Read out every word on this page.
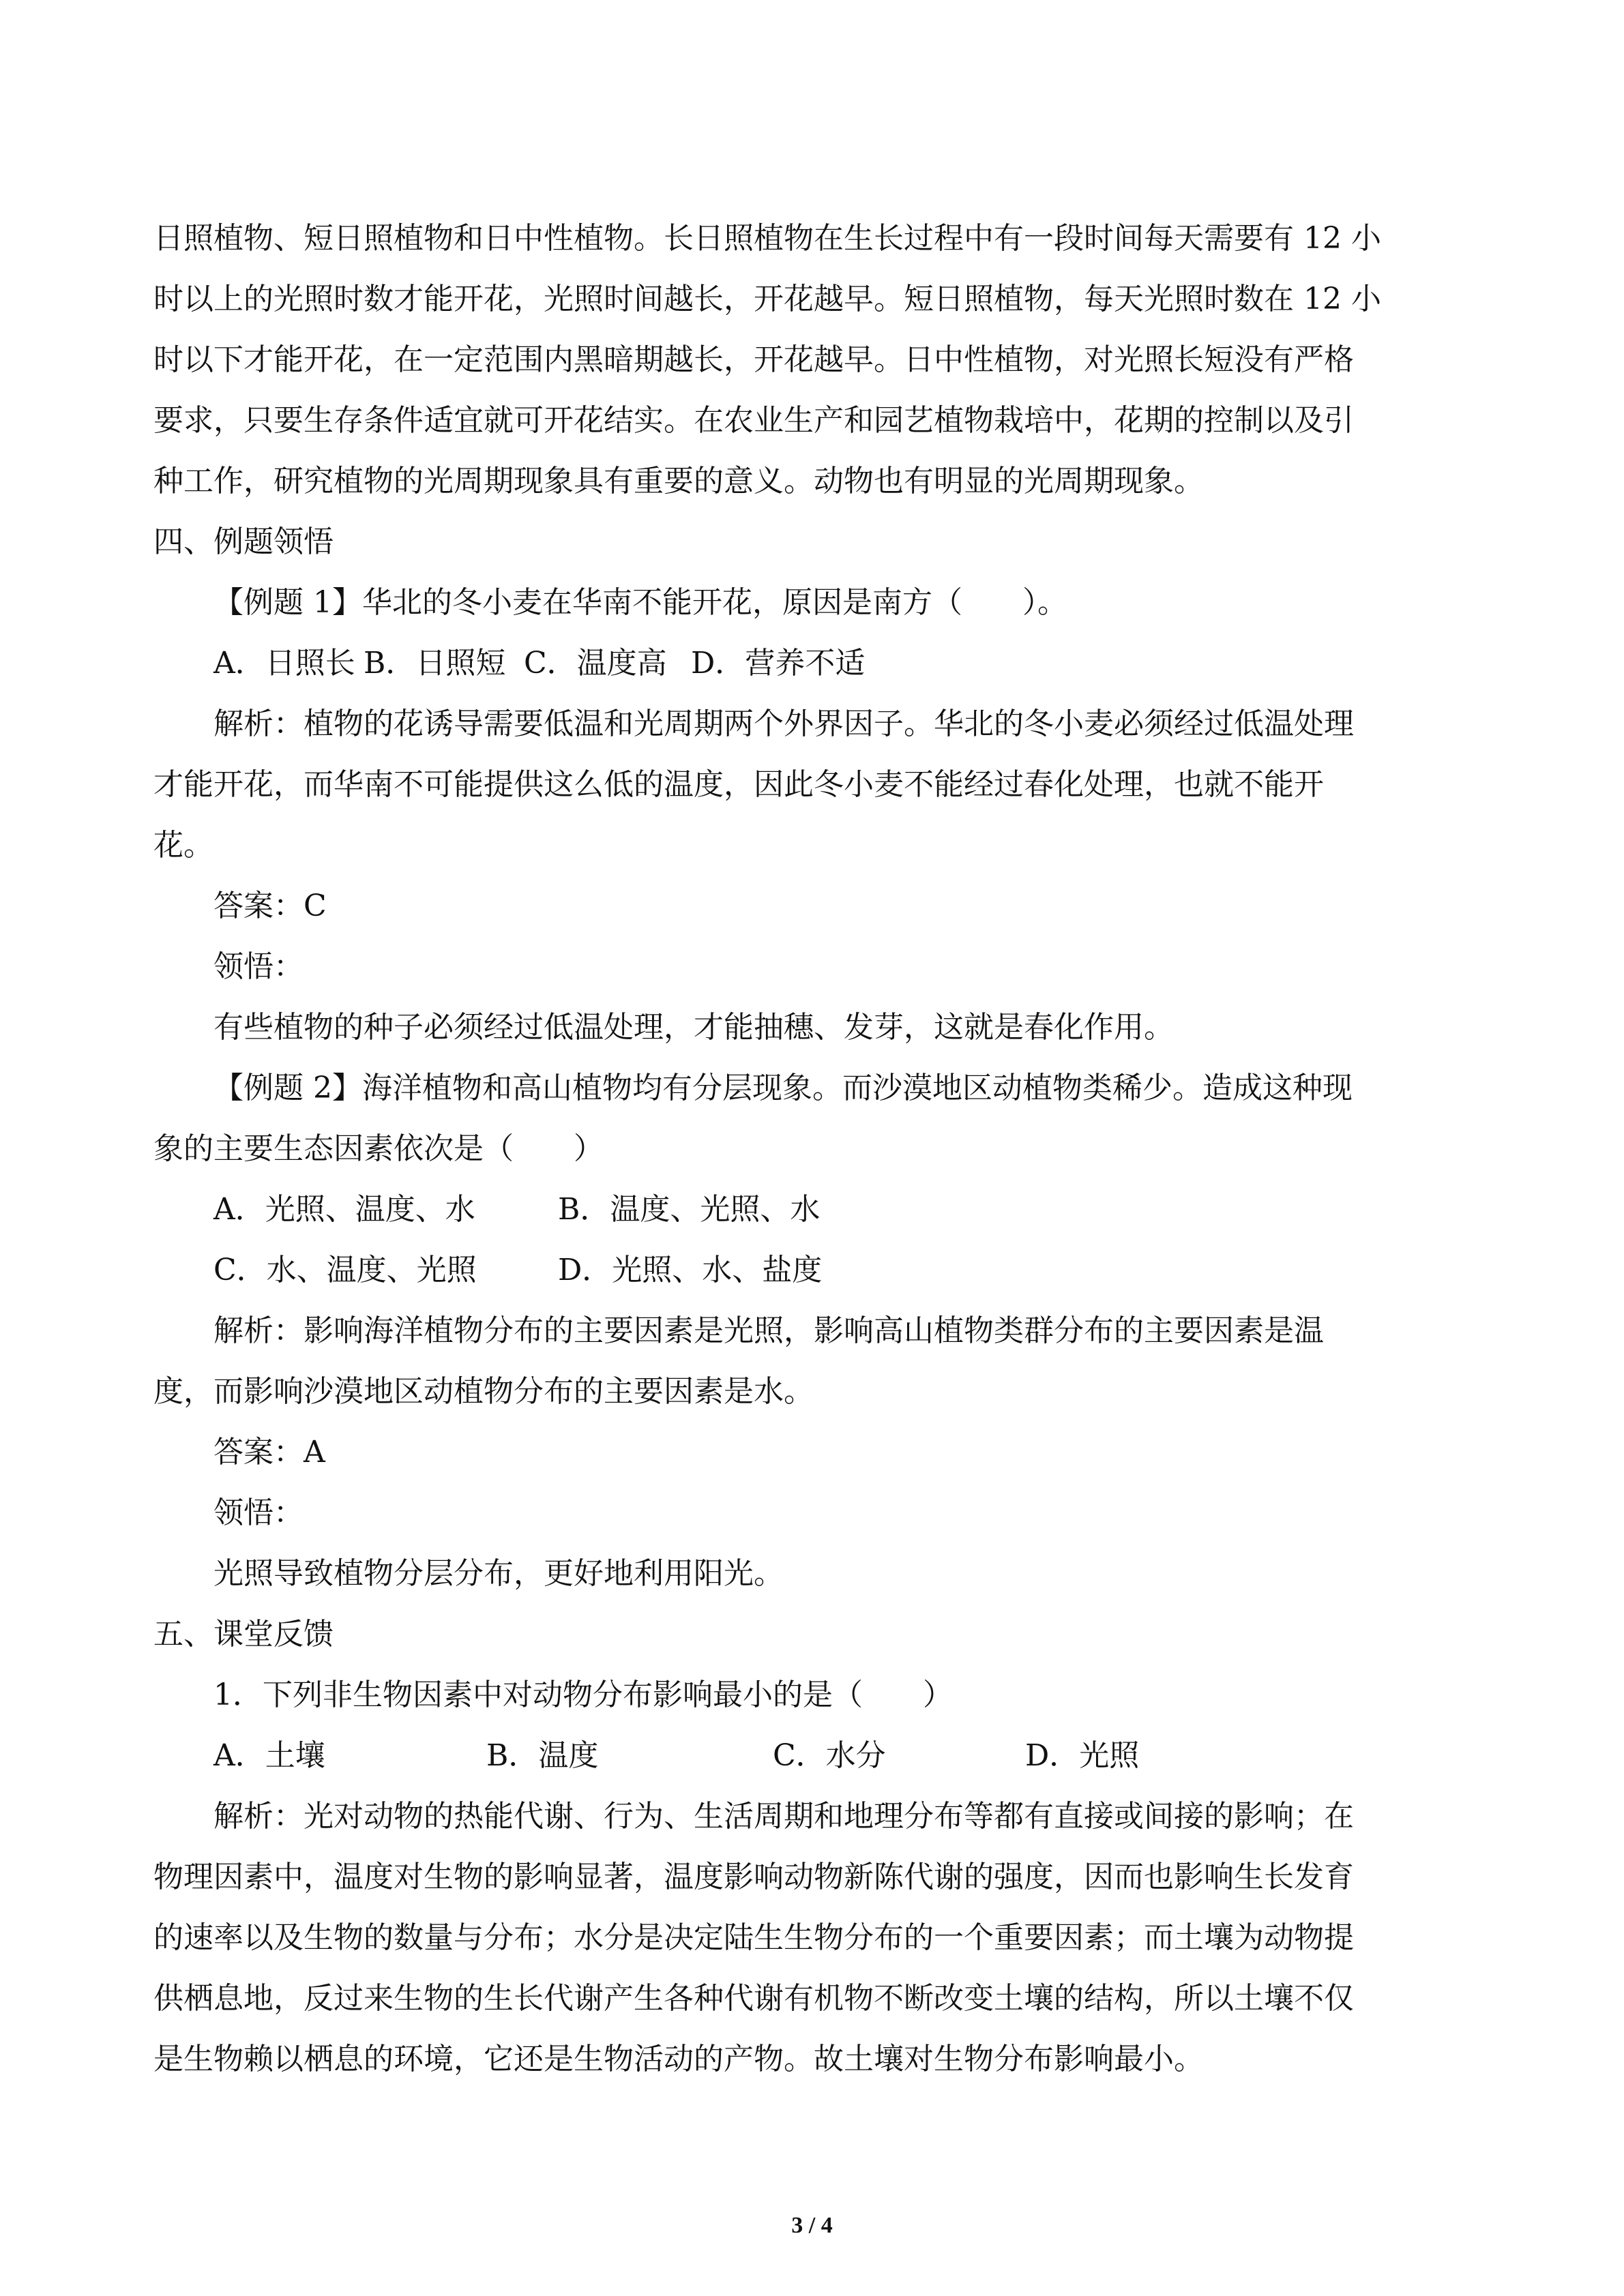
日照植物、短日照植物和日中性植物。长日照植物在生长过程中有一段时间每天需要有 12 小

时以上的光照时数才能开花，光照时间越长，开花越早。短日照植物，每天光照时数在 12 小

时以下才能开花，在一定范围内黑暗期越长，开花越早。日中性植物，对光照长短没有严格

要求，只要生存条件适宜就可开花结实。在农业生产和园艺植物栽培中，花期的控制以及引

种工作，研究植物的光周期现象具有重要的意义。动物也有明显的光周期现象。

四、例题领悟

【例题 1】华北的冬小麦在华南不能开花，原因是南方（　　）。

A．日照长 B．日照短 C．温度高 D．营养不适

解析：植物的花诱导需要低温和光周期两个外界因子。华北的冬小麦必须经过低温处理

才能开花，而华南不可能提供这么低的温度，因此冬小麦不能经过春化处理，也就不能开

花。

答案：C

领悟：

有些植物的种子必须经过低温处理，才能抽穗、发芽，这就是春化作用。

【例题 2】海洋植物和高山植物均有分层现象。而沙漠地区动植物类稀少。造成这种现

象的主要生态因素依次是（　　）

A．光照、温度、水	B．温度、光照、水

C．水、温度、光照	D．光照、水、盐度

解析：影响海洋植物分布的主要因素是光照，影响高山植物类群分布的主要因素是温

度，而影响沙漠地区动植物分布的主要因素是水。

答案：A

领悟：

光照导致植物分层分布，更好地利用阳光。

五、课堂反馈

1．下列非生物因素中对动物分布影响最小的是（　　）

A．土壤	B．温度	C．水分	D．光照

解析：光对动物的热能代谢、行为、生活周期和地理分布等都有直接或间接的影响；在

物理因素中，温度对生物的影响显著，温度影响动物新陈代谢的强度，因而也影响生长发育

的速率以及生物的数量与分布；水分是决定陆生生物分布的一个重要因素；而土壤为动物提

供栖息地，反过来生物的生长代谢产生各种代谢有机物不断改变土壤的结构，所以土壤不仅

是生物赖以栖息的环境，它还是生物活动的产物。故土壤对生物分布影响最小。

3 / 4
